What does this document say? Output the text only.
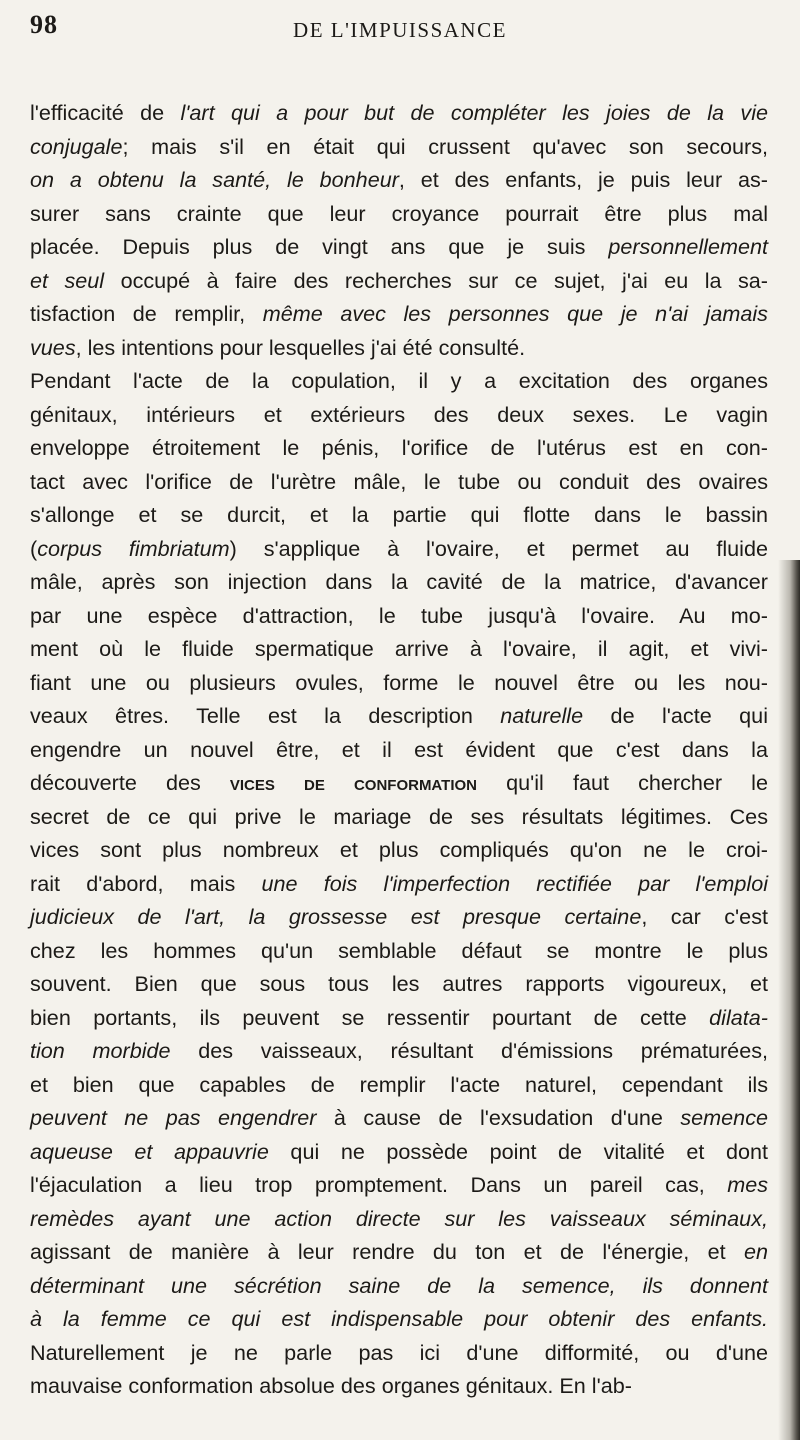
98	DE L'IMPUISSANCE
l'efficacité de l'art qui a pour but de compléter les joies de la vie
conjugale; mais s'il en était qui crussent qu'avec son secours,
on a obtenu la santé, le bonheur, et des enfants, je puis leur as-
surer sans crainte que leur croyance pourrait être plus mal
placée. Depuis plus de vingt ans que je suis personnellement
et seul occupé à faire des recherches sur ce sujet, j'ai eu la sa-
tisfaction de remplir, même avec les personnes que je n'ai jamais
vues, les intentions pour lesquelles j'ai été consulté.
Pendant l'acte de la copulation, il y a excitation des organes
génitaux, intérieurs et extérieurs des deux sexes. Le vagin
enveloppe étroitement le pénis, l'orifice de l'utérus est en con-
tact avec l'orifice de l'urètre mâle, le tube ou conduit des ovaires
s'allonge et se durcit, et la partie qui flotte dans le bassin
(corpus fimbriatum) s'applique à l'ovaire, et permet au fluide
mâle, après son injection dans la cavité de la matrice, d'avancer
par une espèce d'attraction, le tube jusqu'à l'ovaire. Au mo-
ment où le fluide spermatique arrive à l'ovaire, il agit, et vivi-
fiant une ou plusieurs ovules, forme le nouvel être ou les nou-
veaux êtres. Telle est la description naturelle de l'acte qui
engendre un nouvel être, et il est évident que c'est dans la
découverte des vices de conformation qu'il faut chercher le
secret de ce qui prive le mariage de ses résultats légitimes. Ces
vices sont plus nombreux et plus compliqués qu'on ne le croi-
rait d'abord, mais une fois l'imperfection rectifiée par l'emploi
judicieux de l'art, la grossesse est presque certaine, car c'est
chez les hommes qu'un semblable défaut se montre le plus
souvent. Bien que sous tous les autres rapports vigoureux, et
bien portants, ils peuvent se ressentir pourtant de cette dilata-
tion morbide des vaisseaux, résultant d'émissions prématurées,
et bien que capables de remplir l'acte naturel, cependant ils
peuvent ne pas engendrer à cause de l'exsudation d'une semence
aqueuse et appauvrie qui ne possède point de vitalité et dont
l'éjaculation a lieu trop promptement. Dans un pareil cas, mes
remèdes ayant une action directe sur les vaisseaux séminaux,
agissant de manière à leur rendre du ton et de l'énergie, et en
déterminant une sécrétion saine de la semence, ils donnent
à la femme ce qui est indispensable pour obtenir des enfants.
Naturellement je ne parle pas ici d'une difformité, ou d'une
mauvaise conformation absolue des organes génitaux. En l'ab-
